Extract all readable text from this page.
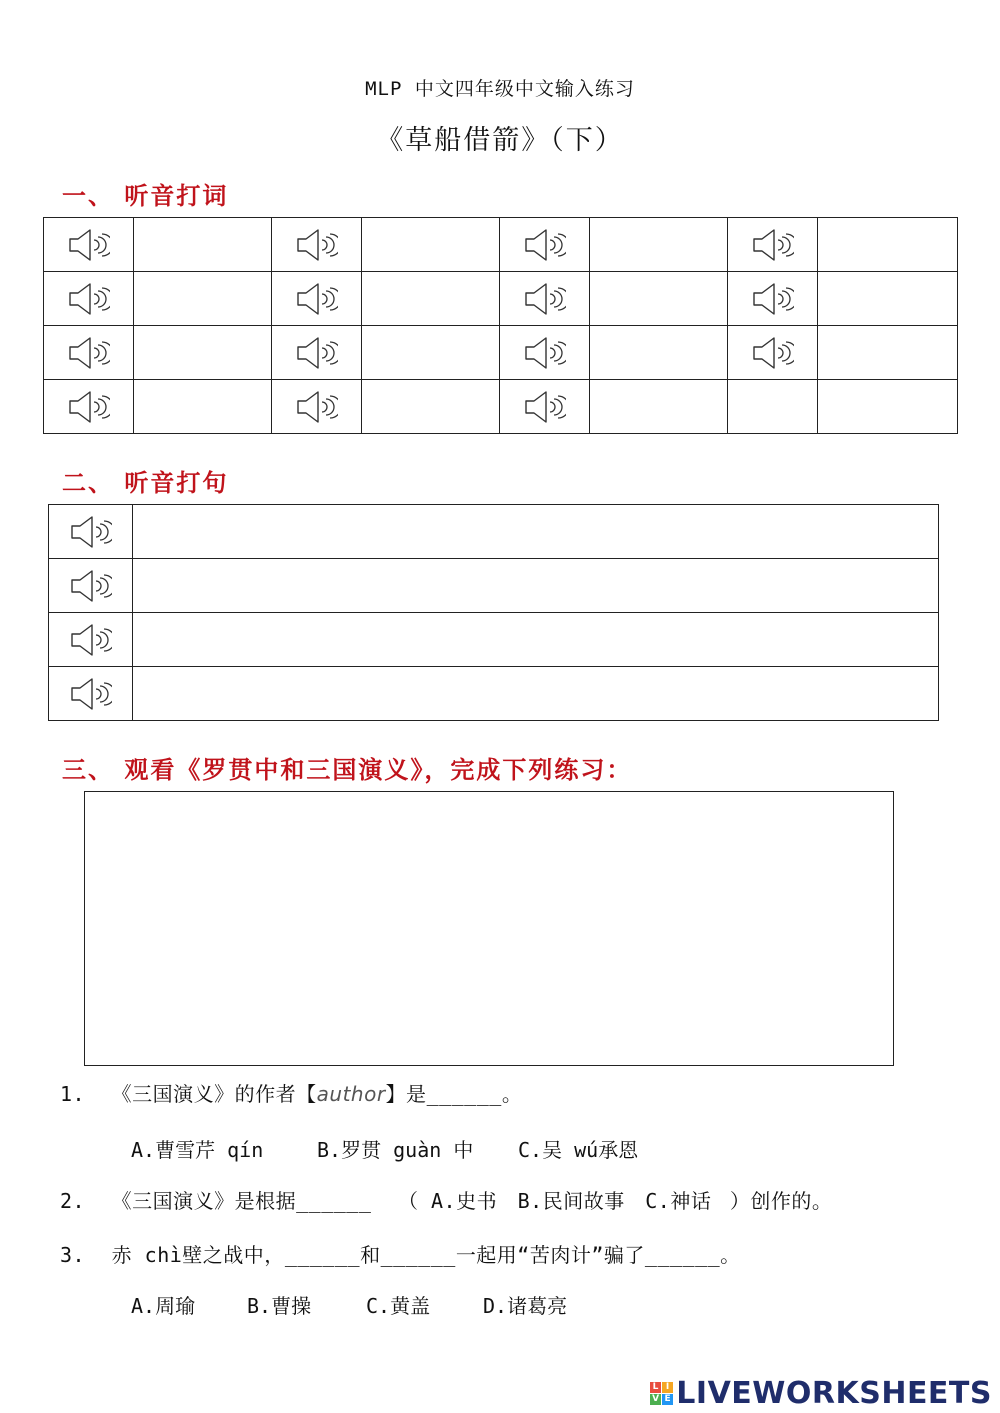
MLP 中文四年级中文输入练习
《草船借箭》（下）
一、 听音打词

二、 听音打句

三、 观看《罗贯中和三国演义》，完成下列练习：
1. 《三国演义》的作者【author】是______。
A.曹雪芹 qín	B.罗贯 guàn 中 C.吴 wú承恩
2. 《三国演义》是根据______ （ A.史书 B.民间故事 C.神话 ）创作的。
3. 赤 chì壁之战中，______和______一起用“苦肉计”骗了______。
A.周瑜	B.曹操	C.黄盖	D.诸葛亮
L I
V E LIVEWORKSHEETS
